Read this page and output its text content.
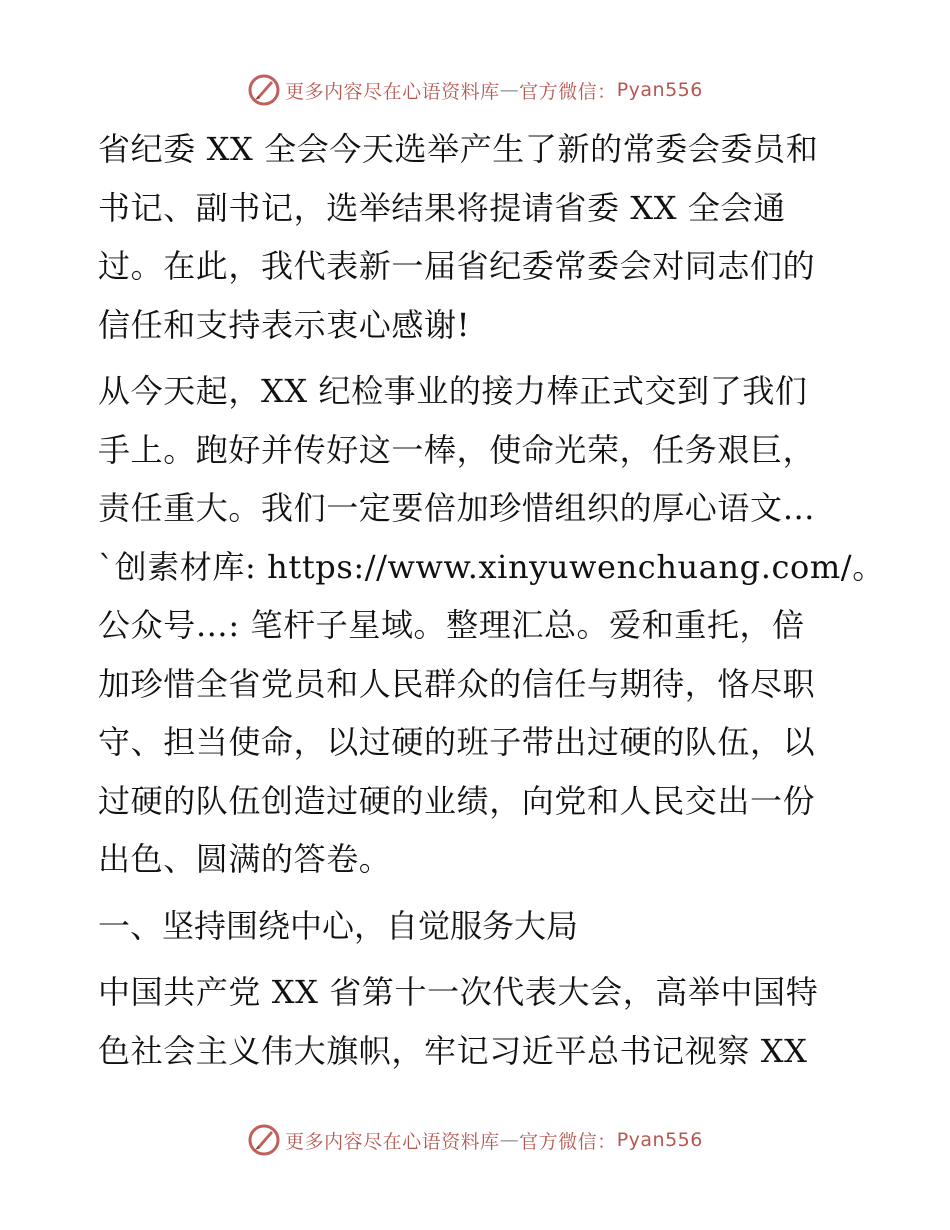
更多内容尽在心语资料库 — 官方微信： Pyan556
省纪委 XX 全会今天选举产生了新的常委会委员和
书记、副书记，选举结果将提请省委 XX 全会通
过。在此，我代表新一届省纪委常委会对同志们的
信任和支持表示衷心感谢!
从今天起，XX 纪检事业的接力棒正式交到了我们
手上。跑好并传好这一棒，使命光荣，任务艰巨，
责任重大。我们一定要倍加珍惜组织的厚心语文…
`创素材库: https://www.xinyuwenchuang.com/。
公众号…: 笔杆子星域。整理汇总。爱和重托，倍
加珍惜全省党员和人民群众的信任与期待，恪尽职
守、担当使命，以过硬的班子带出过硬的队伍，以
过硬的队伍创造过硬的业绩，向党和人民交出一份
出色、圆满的答卷。
一、坚持围绕中心，自觉服务大局
中国共产党 XX 省第十一次代表大会，高举中国特
色社会主义伟大旗帜，牢记习近平总书记视察 XX
更多内容尽在心语资料库 — 官方微信： Pyan556
